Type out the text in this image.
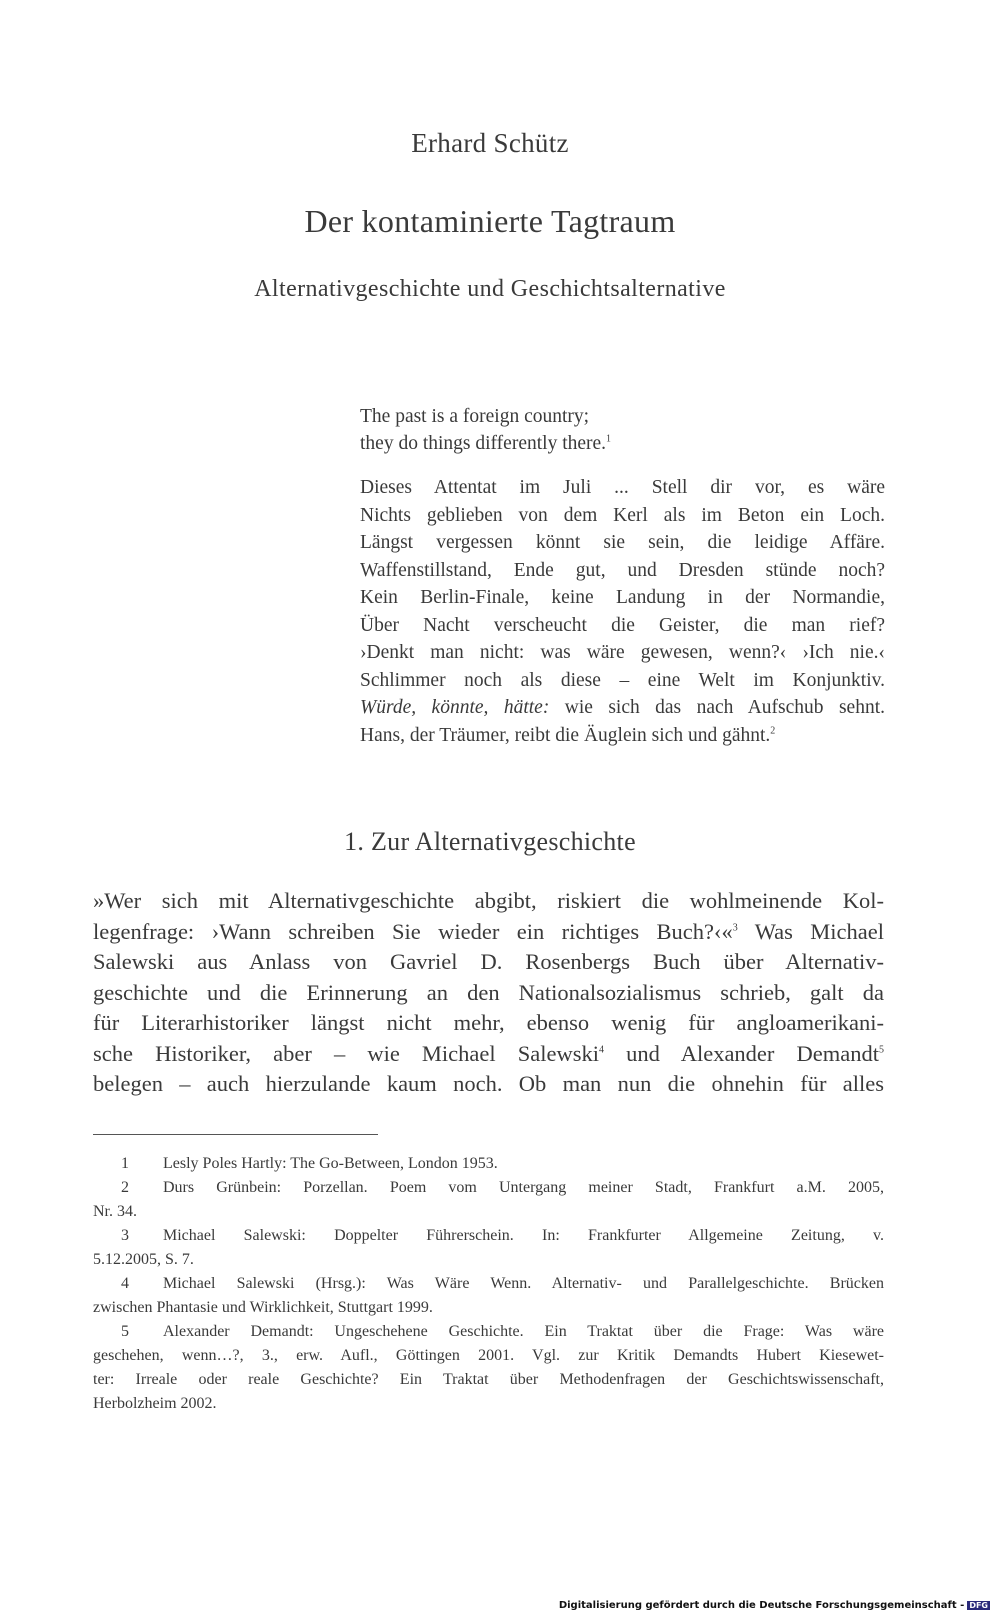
Erhard Schütz
Der kontaminierte Tagtraum
Alternativgeschichte und Geschichtsalternative
The past is a foreign country;
they do things differently there.$^1$
Dieses Attentat im Juli ... Stell dir vor, es wäre
Nichts geblieben von dem Kerl als im Beton ein Loch.
Längst vergessen könnt sie sein, die leidige Affäre.
Waffenstillstand, Ende gut, und Dresden stünde noch?
Kein Berlin-Finale, keine Landung in der Normandie,
Über Nacht verscheucht die Geister, die man rief?
›Denkt man nicht: was wäre gewesen, wenn?‹ ›Ich nie.‹
Schlimmer noch als diese – eine Welt im Konjunktiv.
Würde, könnte, hätte: wie sich das nach Aufschub sehnt.
Hans, der Träumer, reibt die Äuglein sich und gähnt.$^2$
1. Zur Alternativgeschichte
»Wer sich mit Alternativgeschichte abgibt, riskiert die wohlmeinende Kol-
legenfrage: ›Wann schreiben Sie wieder ein richtiges Buch?‹«$^3$ Was Michael
Salewski aus Anlass von Gavriel D. Rosenbergs Buch über Alternativ-
geschichte und die Erinnerung an den Nationalsozialismus schrieb, galt da
für Literarhistoriker längst nicht mehr, ebenso wenig für angloamerikani-
sche Historiker, aber – wie Michael Salewski$^4$ und Alexander Demandt$^5$
belegen – auch hierzulande kaum noch. Ob man nun die ohnehin für alles
1 Lesly Poles Hartly: The Go-Between, London 1953.
2 Durs Grünbein: Porzellan. Poem vom Untergang meiner Stadt, Frankfurt a.M. 2005,
Nr. 34.
3 Michael Salewski: Doppelter Führerschein. In: Frankfurter Allgemeine Zeitung, v.
5.12.2005, S. 7.
4 Michael Salewski (Hrsg.): Was Wäre Wenn. Alternativ- und Parallelgeschichte. Brücken
zwischen Phantasie und Wirklichkeit, Stuttgart 1999.
5 Alexander Demandt: Ungeschehene Geschichte. Ein Traktat über die Frage: Was wäre
geschehen, wenn…?, 3., erw. Aufl., Göttingen 2001. Vgl. zur Kritik Demandts Hubert Kiesewet-
ter: Irreale oder reale Geschichte? Ein Traktat über Methodenfragen der Geschichtswissenschaft,
Herbolzheim 2002.
Digitalisierung gefördert durch die Deutsche Forschungsgemeinschaft - DFG
